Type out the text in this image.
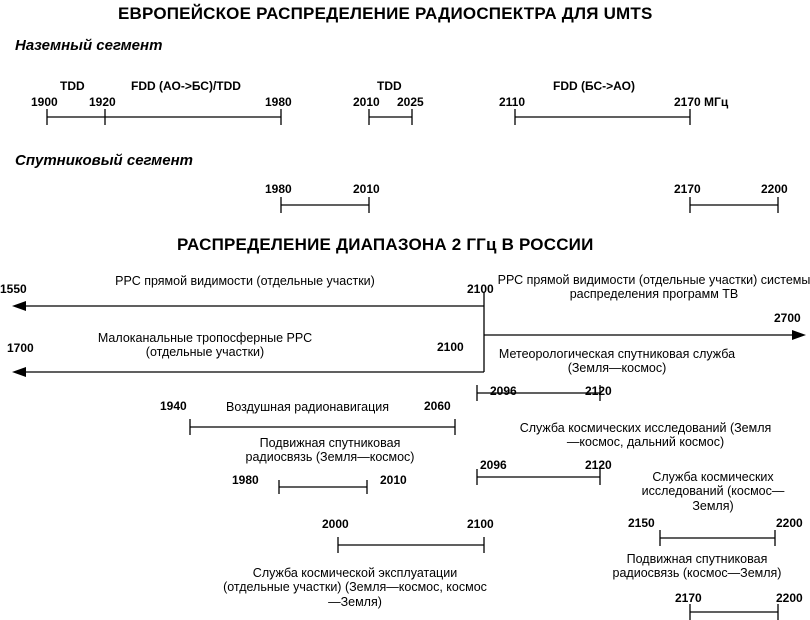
ЕВРОПЕЙСКОЕ РАСПРЕДЕЛЕНИЕ РАДИОСПЕКТРА ДЛЯ UMTS
Наземный сегмент
TDD	FDD (АО->БС)/TDD	TDD	FDD (БС->АО)
1900	1920	1980	2010 2025	2110	2170 МГц
Спутниковый сегмент
1980	2010	2170	2200
РАСПРЕДЕЛЕНИЕ ДИАПАЗОНА 2 ГГц В РОССИИ
1550
РРС прямой видимости (отдельные участки)
2100
РРС прямой видимости (отдельные участки) системы распределения программ ТВ
2700
1700
Малоканальные тропосферные РРС (отдельные участки)	2100	Метеорологическая спутниковая служба (Земля—космос)
2096	2120
1940	Воздушная радионавигация	2060
Служба космических исследований (Земля—космос, дальний космос)
2096	2120
Подвижная спутниковая радиосвязь (Земля—космос)
1980	2010	Служба космических исследований (космос—Земля)
2150	2200
2000	2100
Служба космической эксплуатации (отдельные участки) (Земля—космос, космос—Земля)
Подвижная спутниковая радиосвязь (космос—Земля)
2170	2200
